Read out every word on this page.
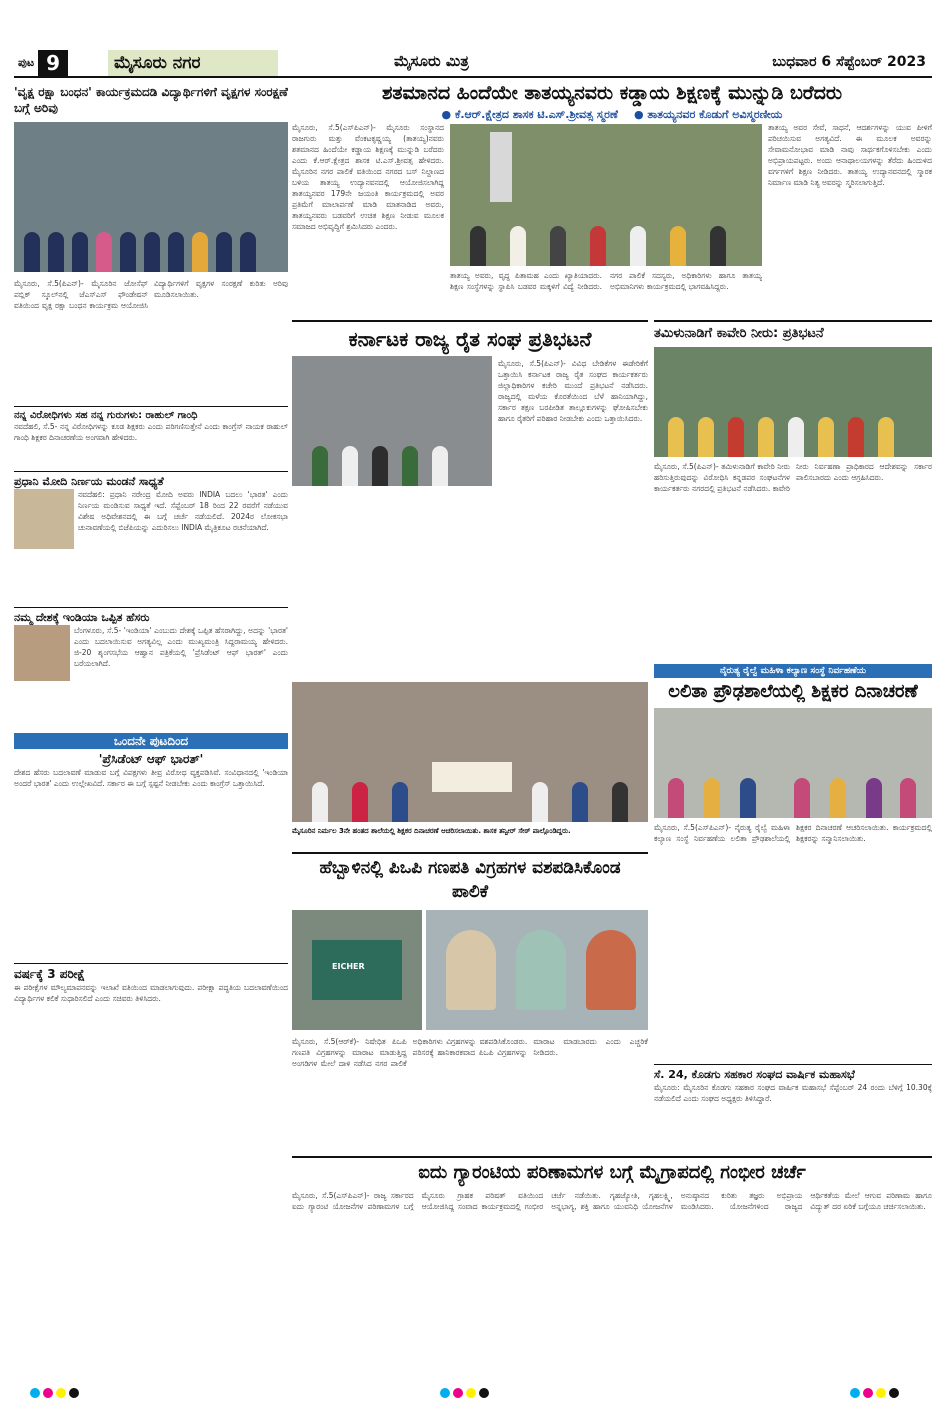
ಪುಟ 9	ಮೈಸೂರು ನಗರ	ಮೈಸೂರು ಮಿತ್ರ	ಬುಧವಾರ 6 ಸೆಪ್ಟೆಂಬರ್ 2023
ಶತಮಾನದ ಹಿಂದೆಯೇ ತಾತಯ್ಯನವರು ಕಡ್ಡಾಯ ಶಿಕ್ಷಣಕ್ಕೆ ಮುನ್ನುಡಿ ಬರೆದರು
● ಕೆ.ಆರ್.ಕ್ಷೇತ್ರದ ಶಾಸಕ ಟಿ.ಎಸ್.ಶ್ರೀವತ್ಸ ಸ್ಮರಣೆ ● ತಾತಯ್ಯನವರ ಕೊಡುಗೆ ಅವಿಸ್ಮರಣೀಯ
ಮೈಸೂರು, ಸೆ.5(ಎಸ್‌ಪಿಎನ್)- ಮೈಸೂರು ಸಂಸ್ಥಾನದ ರಾಜಗುರು ಮತ್ತು ವೆಂಕಟಕೃಷ್ಣಯ್ಯ (ತಾತಯ್ಯ)ನವರು ಶತಮಾನದ ಹಿಂದೆಯೇ ಕಡ್ಡಾಯ ಶಿಕ್ಷಣಕ್ಕೆ ಮುನ್ನುಡಿ ಬರೆದರು ಎಂದು ಕೆ.ಆರ್.ಕ್ಷೇತ್ರದ ಶಾಸಕ ಟಿ.ಎಸ್.ಶ್ರೀವತ್ಸ ಹೇಳಿದರು. ಮೈಸೂರಿನ ನಗರ ಪಾಲಿಕೆ ವತಿಯಿಂದ ನಗರದ ಬಸ್ ನಿಲ್ದಾಣದ ಬಳಿಯ ತಾತಯ್ಯ ಉದ್ಯಾನವನದಲ್ಲಿ ಆಯೋಜಿಸಲಾಗಿದ್ದ ತಾತಯ್ಯನವರ 179ನೇ ಜಯಂತಿ ಕಾರ್ಯಕ್ರಮದಲ್ಲಿ ಅವರ ಪ್ರತಿಮೆಗೆ ಮಾಲಾರ್ಪಣೆ ಮಾಡಿ ಮಾತನಾಡಿದ ಅವರು, ತಾತಯ್ಯನವರು ಬಡವರಿಗೆ ಉಚಿತ ಶಿಕ್ಷಣ ನೀಡುವ ಮೂಲಕ ಸಮಾಜದ ಅಭಿವೃದ್ಧಿಗೆ ಶ್ರಮಿಸಿದರು ಎಂದರು.
ತಾತಯ್ಯ ಅವರ ಸೇವೆ, ಸಾಧನೆ, ಆದರ್ಶಗಳನ್ನು ಯುವ ಪೀಳಿಗೆ ಪರಿಚಯಿಸುವ ಅಗತ್ಯವಿದೆ. ಈ ಮೂಲಕ ಅವರನ್ನು ಸೇವಾಮನೋಭಾವ ಮಾಡಿ ನಾವು ಸಾರ್ಥಕಗೊಳಿಸಬೇಕು ಎಂದು ಅಭಿಪ್ರಾಯಪಟ್ಟರು. ಅಂದು ಆನಾಥಾಲಯಗಳನ್ನು ತೆರೆದು ಹಿಂದುಳಿದ ವರ್ಗಗಳಿಗೆ ಶಿಕ್ಷಣ ನೀಡಿದರು. ತಾತಯ್ಯ ಉದ್ಯಾನವನದಲ್ಲಿ ಸ್ಮಾರಕ ನಿರ್ಮಾಣ ಮಾಡಿ ನಿತ್ಯ ಅವರನ್ನು ಸ್ಮರಿಸಲಾಗುತ್ತಿದೆ.
ತಾತಯ್ಯ ಅವರು, ವೃದ್ಧ ಪಿತಾಮಹ ಎಂದು ಖ್ಯಾತಿಯಾದರು. ಶಿಕ್ಷಣ ಸಂಸ್ಥೆಗಳನ್ನು ಸ್ಥಾಪಿಸಿ ಬಡವರ ಮಕ್ಕಳಿಗೆ ವಿದ್ಯೆ ನೀಡಿದರು. ನಗರ ಪಾಲಿಕೆ ಸದಸ್ಯರು, ಅಧಿಕಾರಿಗಳು ಹಾಗೂ ತಾತಯ್ಯ ಅಭಿಮಾನಿಗಳು ಕಾರ್ಯಕ್ರಮದಲ್ಲಿ ಭಾಗವಹಿಸಿದ್ದರು.
'ವೃಕ್ಷ ರಕ್ಷಾ ಬಂಧನ' ಕಾರ್ಯಕ್ರಮದಡಿ ವಿದ್ಯಾರ್ಥಿಗಳಿಗೆ ವೃಕ್ಷಗಳ ಸಂರಕ್ಷಣೆ ಬಗ್ಗೆ ಅರಿವು
ಮೈಸೂರು, ಸೆ.5(ಪಿಎನ್)- ಮೈಸೂರಿನ ಜೋಸೆಫ್ ಪಬ್ಲಿಕ್ ಸ್ಕೂಲ್‌ನಲ್ಲಿ ಜೆಎಸ್‌ಎಸ್ ಫೌಂಡೇಷನ್ ವತಿಯಿಂದ ವೃಕ್ಷ ರಕ್ಷಾ ಬಂಧನ ಕಾರ್ಯಕ್ರಮ ಆಯೋಜಿಸಿ ವಿದ್ಯಾರ್ಥಿಗಳಿಗೆ ವೃಕ್ಷಗಳ ಸಂರಕ್ಷಣೆ ಕುರಿತು ಅರಿವು ಮೂಡಿಸಲಾಯಿತು.
ನನ್ನ ವಿರೋಧಿಗಳು ಸಹ ನನ್ನ ಗುರುಗಳು: ರಾಹುಲ್ ಗಾಂಧಿ
ನವದೆಹಲಿ, ಸೆ.5- ನನ್ನ ವಿರೋಧಿಗಳನ್ನು ಕೂಡ ಶಿಕ್ಷಕರು ಎಂದು ಪರಿಗಣಿಸುತ್ತೇನೆ ಎಂದು ಕಾಂಗ್ರೆಸ್ ನಾಯಕ ರಾಹುಲ್ ಗಾಂಧಿ ಶಿಕ್ಷಕರ ದಿನಾಚರಣೆಯ ಅಂಗವಾಗಿ ಹೇಳಿದರು.
ಪ್ರಧಾನಿ ಮೋದಿ ನಿರ್ಣಯ ಮಂಡನೆ ಸಾಧ್ಯತೆ
ನವದೆಹಲಿ: ಪ್ರಧಾನಿ ನರೇಂದ್ರ ಮೋದಿ ಅವರು INDIA ಬದಲು 'ಭಾರತ' ಎಂದು ನಿರ್ಣಯ ಮಂಡಿಸುವ ಸಾಧ್ಯತೆ ಇದೆ. ಸೆಪ್ಟೆಂಬರ್ 18 ರಿಂದ 22 ರವರೆಗೆ ನಡೆಯುವ ವಿಶೇಷ ಅಧಿವೇಶನದಲ್ಲಿ ಈ ಬಗ್ಗೆ ಚರ್ಚೆ ನಡೆಯಲಿದೆ. 2024ರ ಲೋಕಸಭಾ ಚುನಾವಣೆಯಲ್ಲಿ ಬಿಜೆಪಿಯನ್ನು ಎದುರಿಸಲು INDIA ಮೈತ್ರಿಕೂಟ ರಚನೆಯಾಗಿದೆ.
ನಮ್ಮ ದೇಶಕ್ಕೆ ಇಂಡಿಯಾ ಒಪ್ಪಿತ ಹೆಸರು
ಬೆಂಗಳೂರು, ಸೆ.5- 'ಇಂಡಿಯಾ' ಎಂಬುದು ದೇಶಕ್ಕೆ ಒಪ್ಪಿತ ಹೆಸರಾಗಿದ್ದು, ಅದನ್ನು 'ಭಾರತ' ಎಂದು ಬದಲಾಯಿಸುವ ಅಗತ್ಯವಿಲ್ಲ ಎಂದು ಮುಖ್ಯಮಂತ್ರಿ ಸಿದ್ದರಾಮಯ್ಯ ಹೇಳಿದರು. ಜಿ-20 ಶೃಂಗಸಭೆಯ ಆಹ್ವಾನ ಪತ್ರಿಕೆಯಲ್ಲಿ 'ಪ್ರೆಸಿಡೆಂಟ್ ಆಫ್ ಭಾರತ್' ಎಂದು ಬರೆಯಲಾಗಿದೆ.
ಒಂದನೇ ಪುಟದಿಂದ
'ಪ್ರೆಸಿಡೆಂಟ್ ಆಫ್ ಭಾರತ್'
ದೇಶದ ಹೆಸರು ಬದಲಾವಣೆ ಮಾಡುವ ಬಗ್ಗೆ ವಿಪಕ್ಷಗಳು ತೀವ್ರ ವಿರೋಧ ವ್ಯಕ್ತಪಡಿಸಿವೆ. ಸಂವಿಧಾನದಲ್ಲಿ 'ಇಂಡಿಯಾ ಅಂದರೆ ಭಾರತ' ಎಂದು ಉಲ್ಲೇಖವಿದೆ. ಸರ್ಕಾರ ಈ ಬಗ್ಗೆ ಸ್ಪಷ್ಟನೆ ನೀಡಬೇಕು ಎಂದು ಕಾಂಗ್ರೆಸ್ ಒತ್ತಾಯಿಸಿದೆ.
ವರ್ಷಕ್ಕೆ 3 ಪರೀಕ್ಷೆ
ಈ ಪರೀಕ್ಷೆಗಳ ಮೌಲ್ಯಮಾಪನವನ್ನು ಇಲಾಖೆ ವತಿಯಿಂದ ಮಾಡಲಾಗುವುದು. ಪರೀಕ್ಷಾ ಪದ್ಧತಿಯ ಬದಲಾವಣೆಯಿಂದ ವಿದ್ಯಾರ್ಥಿಗಳ ಕಲಿಕೆ ಸುಧಾರಿಸಲಿದೆ ಎಂದು ಸಚಿವರು ತಿಳಿಸಿದರು.
ಕರ್ನಾಟಕ ರಾಜ್ಯ ರೈತ ಸಂಘ ಪ್ರತಿಭಟನೆ
ಮೈಸೂರು, ಸೆ.5(ಪಿಎನ್)- ವಿವಿಧ ಬೇಡಿಕೆಗಳ ಈಡೇರಿಕೆಗೆ ಒತ್ತಾಯಿಸಿ ಕರ್ನಾಟಕ ರಾಜ್ಯ ರೈತ ಸಂಘದ ಕಾರ್ಯಕರ್ತರು ಜಿಲ್ಲಾಧಿಕಾರಿಗಳ ಕಚೇರಿ ಮುಂದೆ ಪ್ರತಿಭಟನೆ ನಡೆಸಿದರು. ರಾಜ್ಯದಲ್ಲಿ ಮಳೆಯ ಕೊರತೆಯಿಂದ ಬೆಳೆ ಹಾನಿಯಾಗಿದ್ದು, ಸರ್ಕಾರ ತಕ್ಷಣ ಬರಪೀಡಿತ ತಾಲ್ಲೂಕುಗಳನ್ನು ಘೋಷಿಸಬೇಕು ಹಾಗೂ ರೈತರಿಗೆ ಪರಿಹಾರ ನೀಡಬೇಕು ಎಂದು ಒತ್ತಾಯಿಸಿದರು.
ಮೈಸೂರಿನ ನಿರ್ಮಲ 3ನೇ ಹಂತದ ಶಾಲೆಯಲ್ಲಿ ಶಿಕ್ಷಕರ ದಿನಾಚರಣೆ ಆಚರಿಸಲಾಯಿತು. ಶಾಸಕ ತನ್ವೀರ್ ಸೇಠ್ ಪಾಲ್ಗೊಂಡಿದ್ದರು.
ತಮಿಳುನಾಡಿಗೆ ಕಾವೇರಿ ನೀರು: ಪ್ರತಿಭಟನೆ
ಮೈಸೂರು, ಸೆ.5(ಪಿಎನ್)- ತಮಿಳುನಾಡಿಗೆ ಕಾವೇರಿ ನೀರು ಹರಿಸುತ್ತಿರುವುದನ್ನು ವಿರೋಧಿಸಿ ಕನ್ನಡಪರ ಸಂಘಟನೆಗಳ ಕಾರ್ಯಕರ್ತರು ನಗರದಲ್ಲಿ ಪ್ರತಿಭಟನೆ ನಡೆಸಿದರು. ಕಾವೇರಿ ನೀರು ನಿರ್ವಹಣಾ ಪ್ರಾಧಿಕಾರದ ಆದೇಶವನ್ನು ಸರ್ಕಾರ ಪಾಲಿಸಬಾರದು ಎಂದು ಆಗ್ರಹಿಸಿದರು.
ನೈರುತ್ಯ ರೈಲ್ವೆ ಮಹಿಳಾ ಕಲ್ಯಾಣ ಸಂಸ್ಥೆ ನಿರ್ವಹಣೆಯ
ಲಲಿತಾ ಪ್ರೌಢಶಾಲೆಯಲ್ಲಿ ಶಿಕ್ಷಕರ ದಿನಾಚರಣೆ
ಮೈಸೂರು, ಸೆ.5(ಎಸ್‌ಪಿಎನ್)- ನೈರುತ್ಯ ರೈಲ್ವೆ ಮಹಿಳಾ ಕಲ್ಯಾಣ ಸಂಸ್ಥೆ ನಿರ್ವಹಣೆಯ ಲಲಿತಾ ಪ್ರೌಢಶಾಲೆಯಲ್ಲಿ ಶಿಕ್ಷಕರ ದಿನಾಚರಣೆ ಆಚರಿಸಲಾಯಿತು. ಕಾರ್ಯಕ್ರಮದಲ್ಲಿ ಶಿಕ್ಷಕರನ್ನು ಸನ್ಮಾನಿಸಲಾಯಿತು.
ಹೆಬ್ಬಾಳಿನಲ್ಲಿ ಪಿಒಪಿ ಗಣಪತಿ ವಿಗ್ರಹಗಳ ವಶಪಡಿಸಿಕೊಂಡ ಪಾಲಿಕೆ
EICHER
ಮೈಸೂರು, ಸೆ.5(ಆರ್‌ಕೆ)- ನಿಷೇಧಿತ ಪಿಒಪಿ ಗಣಪತಿ ವಿಗ್ರಹಗಳನ್ನು ಮಾರಾಟ ಮಾಡುತ್ತಿದ್ದ ಅಂಗಡಿಗಳ ಮೇಲೆ ದಾಳಿ ನಡೆಸಿದ ನಗರ ಪಾಲಿಕೆ ಅಧಿಕಾರಿಗಳು ವಿಗ್ರಹಗಳನ್ನು ವಶಪಡಿಸಿಕೊಂಡರು. ಪರಿಸರಕ್ಕೆ ಹಾನಿಕಾರಕವಾದ ಪಿಒಪಿ ವಿಗ್ರಹಗಳನ್ನು ಮಾರಾಟ ಮಾಡಬಾರದು ಎಂದು ಎಚ್ಚರಿಕೆ ನೀಡಿದರು.
ಸೆ. 24, ಕೊಡಗು ಸಹಕಾರ ಸಂಘದ ವಾರ್ಷಿಕ ಮಹಾಸಭೆ
ಮೈಸೂರು: ಮೈಸೂರಿನ ಕೊಡಗು ಸಹಕಾರ ಸಂಘದ ವಾರ್ಷಿಕ ಮಹಾಸಭೆ ಸೆಪ್ಟೆಂಬರ್ 24 ರಂದು ಬೆಳಿಗ್ಗೆ 10.30ಕ್ಕೆ ನಡೆಯಲಿದೆ ಎಂದು ಸಂಘದ ಅಧ್ಯಕ್ಷರು ತಿಳಿಸಿದ್ದಾರೆ.
ಐದು ಗ್ಯಾರಂಟಿಯ ಪರಿಣಾಮಗಳ ಬಗ್ಗೆ ಮೈಗ್ರಾಪದಲ್ಲಿ ಗಂಭೀರ ಚರ್ಚೆ
ಮೈಸೂರು, ಸೆ.5(ಎಸ್‌ಪಿಎನ್)- ರಾಜ್ಯ ಸರ್ಕಾರದ ಐದು ಗ್ಯಾರಂಟಿ ಯೋಜನೆಗಳ ಪರಿಣಾಮಗಳ ಬಗ್ಗೆ ಮೈಸೂರು ಗ್ರಾಹಕ ಪರಿಷತ್ ವತಿಯಿಂದ ಆಯೋಜಿಸಿದ್ದ ಸಂವಾದ ಕಾರ್ಯಕ್ರಮದಲ್ಲಿ ಗಂಭೀರ ಚರ್ಚೆ ನಡೆಯಿತು. ಗೃಹಜ್ಯೋತಿ, ಗೃಹಲಕ್ಷ್ಮಿ, ಅನ್ನಭಾಗ್ಯ, ಶಕ್ತಿ ಹಾಗೂ ಯುವನಿಧಿ ಯೋಜನೆಗಳ ಅನುಷ್ಠಾನದ ಕುರಿತು ತಜ್ಞರು ಅಭಿಪ್ರಾಯ ಮಂಡಿಸಿದರು. ಯೋಜನೆಗಳಿಂದ ರಾಜ್ಯದ ಆರ್ಥಿಕತೆಯ ಮೇಲೆ ಆಗುವ ಪರಿಣಾಮ ಹಾಗೂ ವಿದ್ಯುತ್ ದರ ಏರಿಕೆ ಬಗ್ಗೆಯೂ ಚರ್ಚಿಸಲಾಯಿತು.
